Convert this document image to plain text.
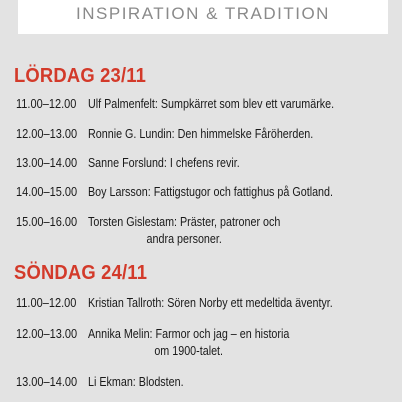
INSPIRATION & TRADITION
LÖRDAG 23/11
11.00–12.00 Ulf Palmenfelt: Sumpkärret som blev ett varumärke.
12.00–13.00 Ronnie G. Lundin: Den himmelske Fåröherden.
13.00–14.00 Sanne Forslund: I chefens revir.
14.00–15.00 Boy Larsson: Fattigstugor och fattighus på Gotland.
15.00–16.00 Torsten Gislestam: Präster, patroner och
andra personer.
SÖNDAG 24/11
11.00–12.00 Kristian Tallroth: Sören Norby ett medeltida äventyr.
12.00–13.00 Annika Melin: Farmor och jag – en historia
om 1900-talet.
13.00–14.00 Li Ekman: Blodsten.
